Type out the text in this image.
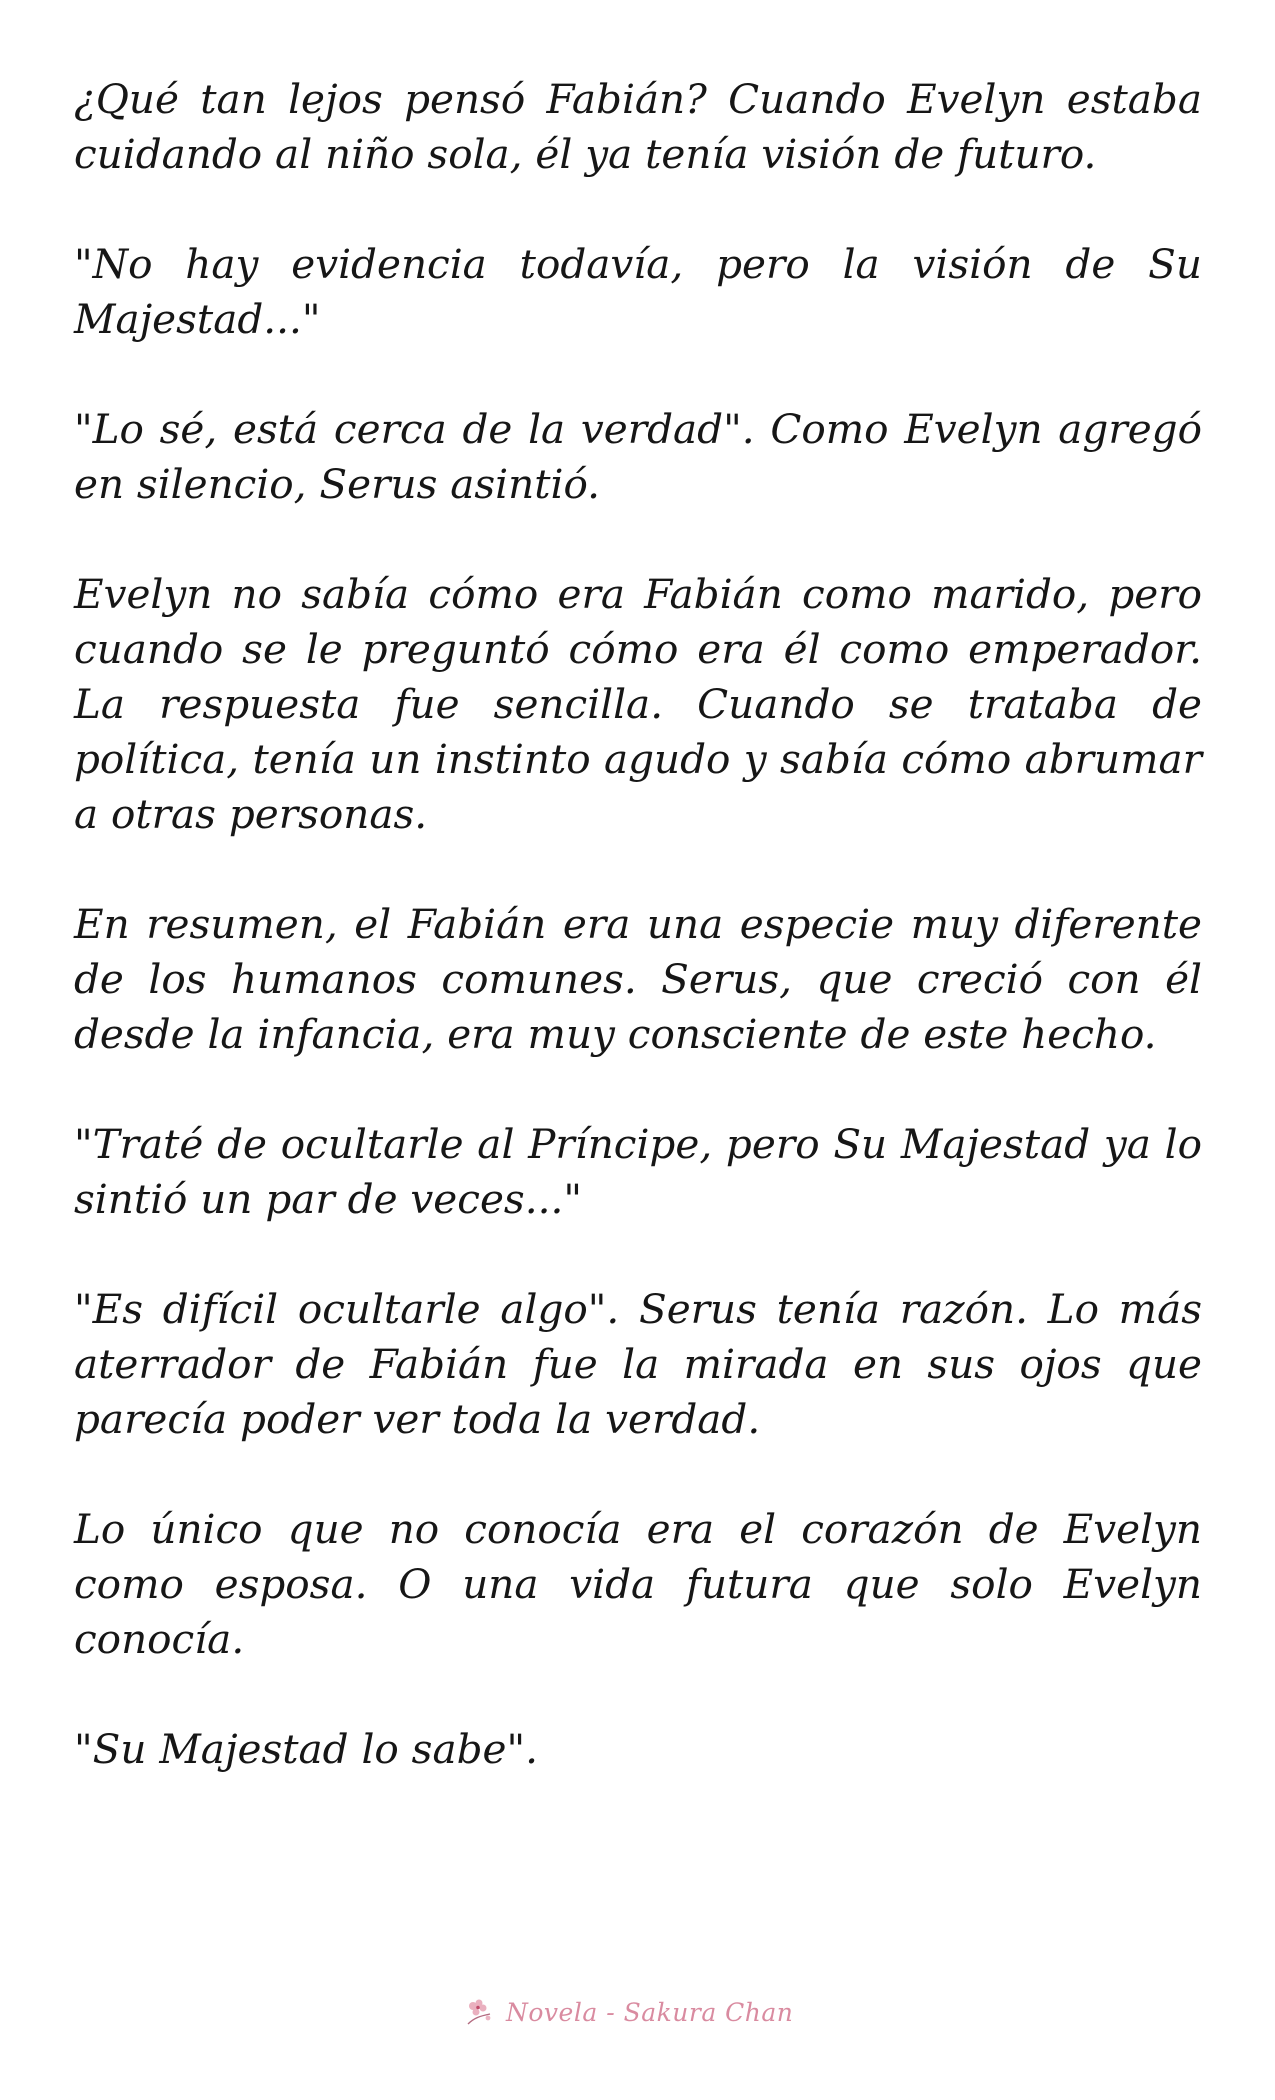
¿Qué tan lejos pensó Fabián? Cuando Evelyn estaba cuidando al niño sola, él ya tenía visión de futuro.

"No hay evidencia todavía, pero la visión de Su Majestad..."

"Lo sé, está cerca de la verdad". Como Evelyn agregó en silencio, Serus asintió.

Evelyn no sabía cómo era Fabián como marido, pero cuando se le preguntó cómo era él como emperador. La respuesta fue sencilla. Cuando se trataba de política, tenía un instinto agudo y sabía cómo abrumar a otras personas.

En resumen, el Fabián era una especie muy diferente de los humanos comunes. Serus, que creció con él desde la infancia, era muy consciente de este hecho.

"Traté de ocultarle al Príncipe, pero Su Majestad ya lo sintió un par de veces..."

"Es difícil ocultarle algo". Serus tenía razón. Lo más aterrador de Fabián fue la mirada en sus ojos que parecía poder ver toda la verdad.

Lo único que no conocía era el corazón de Evelyn como esposa. O una vida futura que solo Evelyn conocía.

"Su Majestad lo sabe".

Novela - Sakura Chan
